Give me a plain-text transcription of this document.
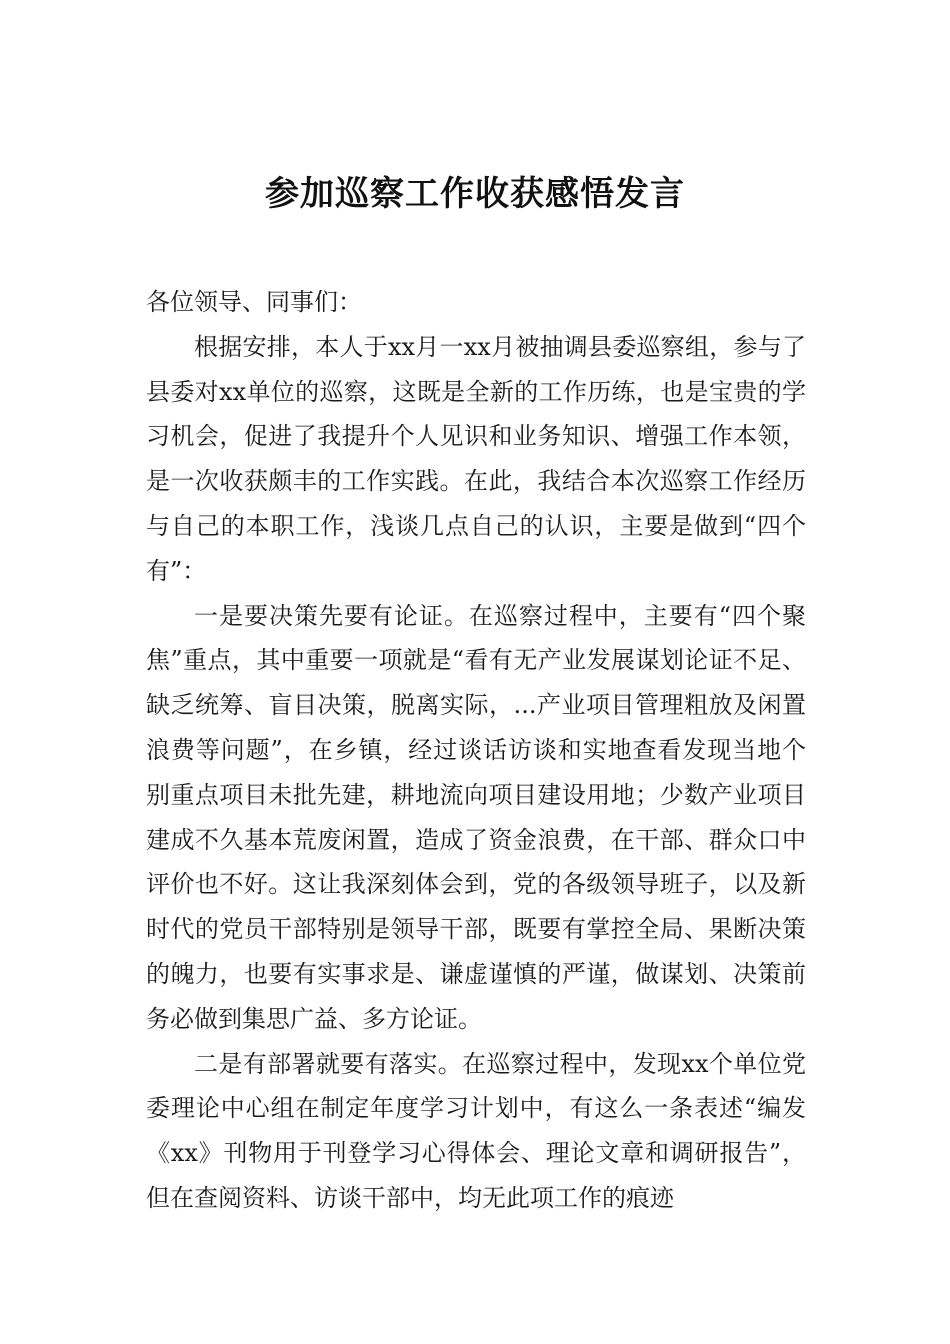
参加巡察工作收获感悟发言

各位领导、同事们：

根据安排，本人于xx月一xx月被抽调县委巡察组，参与了县委对xx单位的巡察，这既是全新的工作历练，也是宝贵的学习机会，促进了我提升个人见识和业务知识、增强工作本领，是一次收获颇丰的工作实践。在此，我结合本次巡察工作经历与自己的本职工作，浅谈几点自己的认识，主要是做到“四个有”：

一是要决策先要有论证。在巡察过程中，主要有“四个聚焦”重点，其中重要一项就是“看有无产业发展谋划论证不足、缺乏统筹、盲目决策，脱离实际，...产业项目管理粗放及闲置浪费等问题”，在乡镇，经过谈话访谈和实地查看发现当地个别重点项目未批先建，耕地流向项目建设用地；少数产业项目建成不久基本荒废闲置，造成了资金浪费，在干部、群众口中评价也不好。这让我深刻体会到，党的各级领导班子，以及新时代的党员干部特别是领导干部，既要有掌控全局、果断决策的魄力，也要有实事求是、谦虚谨慎的严谨，做谋划、决策前务必做到集思广益、多方论证。

二是有部署就要有落实。在巡察过程中，发现xx个单位党委理论中心组在制定年度学习计划中，有这么一条表述“编发《xx》刊物用于刊登学习心得体会、理论文章和调研报告”，但在查阅资料、访谈干部中，均无此项工作的痕迹
